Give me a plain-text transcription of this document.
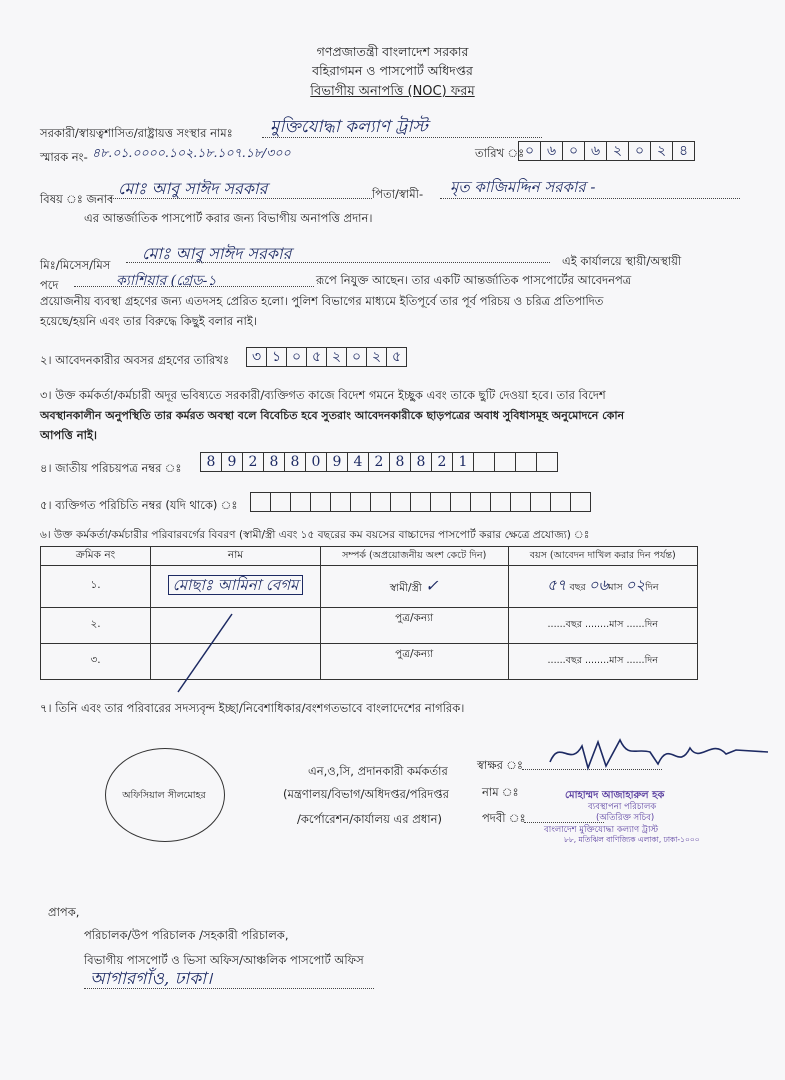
গণপ্রজাতন্ত্রী বাংলাদেশ সরকার
বহিরাগমন ও পাসপোর্ট অধিদপ্তর
বিভাগীয় অনাপত্তি (NOC) ফরম
সরকারী/স্বায়ত্বশাসিত/রাষ্ট্রায়ত্ত সংস্থার নামঃ মুক্তিযোদ্ধা কল্যাণ ট্রাস্ট
স্মারক নং- ৪৮.০১.০০০০.১০২.১৮.১০৭.১৮/৩০০	তারিখ ঃ ০ ৬ ০ ৬ ২ ০ ২ ৪
বিষয় ঃ জনাব
মোঃ আবু সাঈদ সরকার	পিতা/স্বামী- মৃত কাজিমদ্দিন সরকার -
এর আন্তর্জাতিক পাসপোর্ট করার জন্য বিভাগীয় অনাপত্তি প্রদান।
মিঃ/মিসেস/মিস
মোঃ আবু সাঈদ সরকার	এই কার্যালয়ে স্থায়ী/অস্থায়ী
পদে	ক্যাশিয়ার (গ্রেড-১	রূপে নিযুক্ত আছেন। তার একটি আন্তর্জাতিক পাসপোর্টের আবেদনপত্র
প্রয়োজনীয় ব্যবস্থা গ্রহণের জন্য এতদসহ প্রেরিত হলো। পুলিশ বিভাগের মাধ্যমে ইতিপূর্বে তার পূর্ব পরিচয় ও চরিত্র প্রতিপাদিত
হয়েছে/হয়নি এবং তার বিরুদ্ধে কিছুই বলার নাই।
২। আবেদনকারীর অবসর গ্রহণের তারিখঃ	৩ ১ ০ ৫ ২ ০ ২ ৫
৩। উক্ত কর্মকর্তা/কর্মচারী অদূর ভবিষ্যতে সরকারী/ব্যক্তিগত কাজে বিদেশ গমনে ইচ্ছুক এবং তাকে ছুটি দেওয়া হবে। তার বিদেশ
অবস্থানকালীন অনুপস্থিতি তার কর্মরত অবস্থা বলে বিবেচিত হবে সুতরাং আবেদনকারীকে ছাড়পত্রের অবাধ সুবিধাসমূহ অনুমোদনে কোন
আপত্তি নাই।
৪। জাতীয় পরিচয়পত্র নম্বর ঃ	8 9 2 8 8 0 9 4 2 8 8 2 1
৫। ব্যক্তিগত পরিচিতি নম্বর (যদি থাকে) ঃ
৬। উক্ত কর্মকর্তা/কর্মচারীর পরিবারবর্গের বিবরণ (স্বামী/স্ত্রী এবং ১৫ বছরের কম বয়সের বাচ্চাদের পাসপোর্ট করার ক্ষেত্রে প্রযোজ্য) ঃ
ক্রমিক নং	নাম	সম্পর্ক (অপ্রয়োজনীয় অংশ কেটে দিন)	বয়স (আবেদন দাখিল করার দিন পর্যন্ত)
১.	মোছাঃ আমিনা বেগম	স্বামী/স্ত্রী ✓	৫৭ বছর ০৬মাস ০২দিন
২.		পুত্র/কন্যা	......বছর ........মাস ......দিন
৩.		পুত্র/কন্যা	......বছর ........মাস ......দিন
৭। তিনি এবং তার পরিবারের সদস্যবৃন্দ ইচ্ছা/নিবেশাধিকার/বংশগতভাবে বাংলাদেশের নাগরিক।
অফিসিয়াল সীলমোহর
এন,ও,সি, প্রদানকারী কর্মকর্তার
(মন্ত্রণালয়/বিভাগ/অধিদপ্তর/পরিদপ্তর
/কর্পোরেশন/কার্যালয় এর প্রধান)
স্বাক্ষর ঃ
নাম ঃ
পদবী ঃ
মোহাম্মদ আজাহারুল হক
ব্যবস্থাপনা পরিচালক
(অতিরিক্ত সচিব)
বাংলাদেশ মুক্তিযোদ্ধা কল্যাণ ট্রাস্ট
৮৮, মতিঝিল বাণিজ্যিক এলাকা, ঢাকা-১০০০
প্রাপক,
পরিচালক/উপ পরিচালক /সহকারী পরিচালক,
বিভাগীয় পাসপোর্ট ও ভিসা অফিস/আঞ্চলিক পাসপোর্ট অফিস
আগারগাঁও, ঢাকা।
